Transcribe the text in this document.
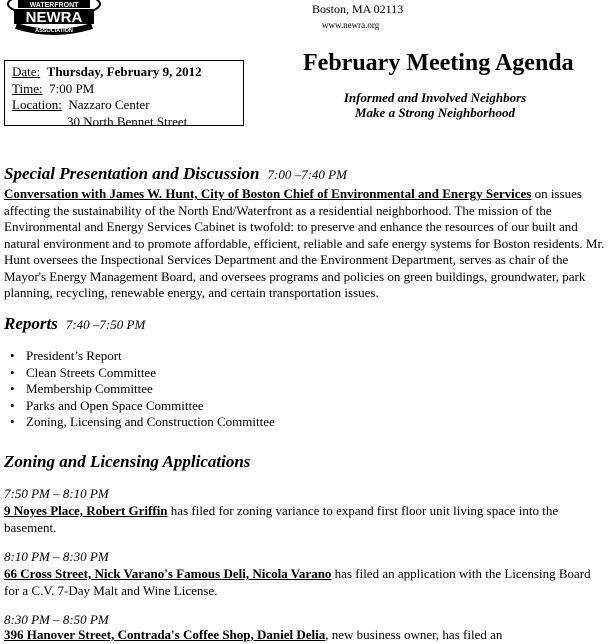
WATERFRONT
NEWRA
ASSOCIATION
Boston, MA 02113
www.newra.org
Date: Thursday, February 9, 2012
Time: 7:00 PM
Location: Nazzaro Center
30 North Bennet Street
February Meeting Agenda
Informed and Involved Neighbors
Make a Strong Neighborhood
Special Presentation and Discussion 7:00 –7:40 PM
Conversation with James W. Hunt, City of Boston Chief of Environmental and Energy Services on issues affecting the sustainability of the North End/Waterfront as a residential neighborhood. The mission of the Environmental and Energy Services Cabinet is twofold: to preserve and enhance the resources of our built and natural environment and to promote affordable, efficient, reliable and safe energy systems for Boston residents. Mr. Hunt oversees the Inspectional Services Department and the Environment Department, serves as chair of the Mayor's Energy Management Board, and oversees programs and policies on green buildings, groundwater, park planning, recycling, renewable energy, and certain transportation issues.
Reports 7:40 –7:50 PM
• President’s Report
• Clean Streets Committee
• Membership Committee
• Parks and Open Space Committee
• Zoning, Licensing and Construction Committee
Zoning and Licensing Applications
7:50 PM – 8:10 PM
9 Noyes Place, Robert Griffin has filed for zoning variance to expand first floor unit living space into the basement.
8:10 PM – 8:30 PM
66 Cross Street, Nick Varano's Famous Deli, Nicola Varano has filed an application with the Licensing Board for a C.V. 7-Day Malt and Wine License.
8:30 PM – 8:50 PM
396 Hanover Street, Contrada's Coffee Shop, Daniel Delia, new business owner, has filed an
